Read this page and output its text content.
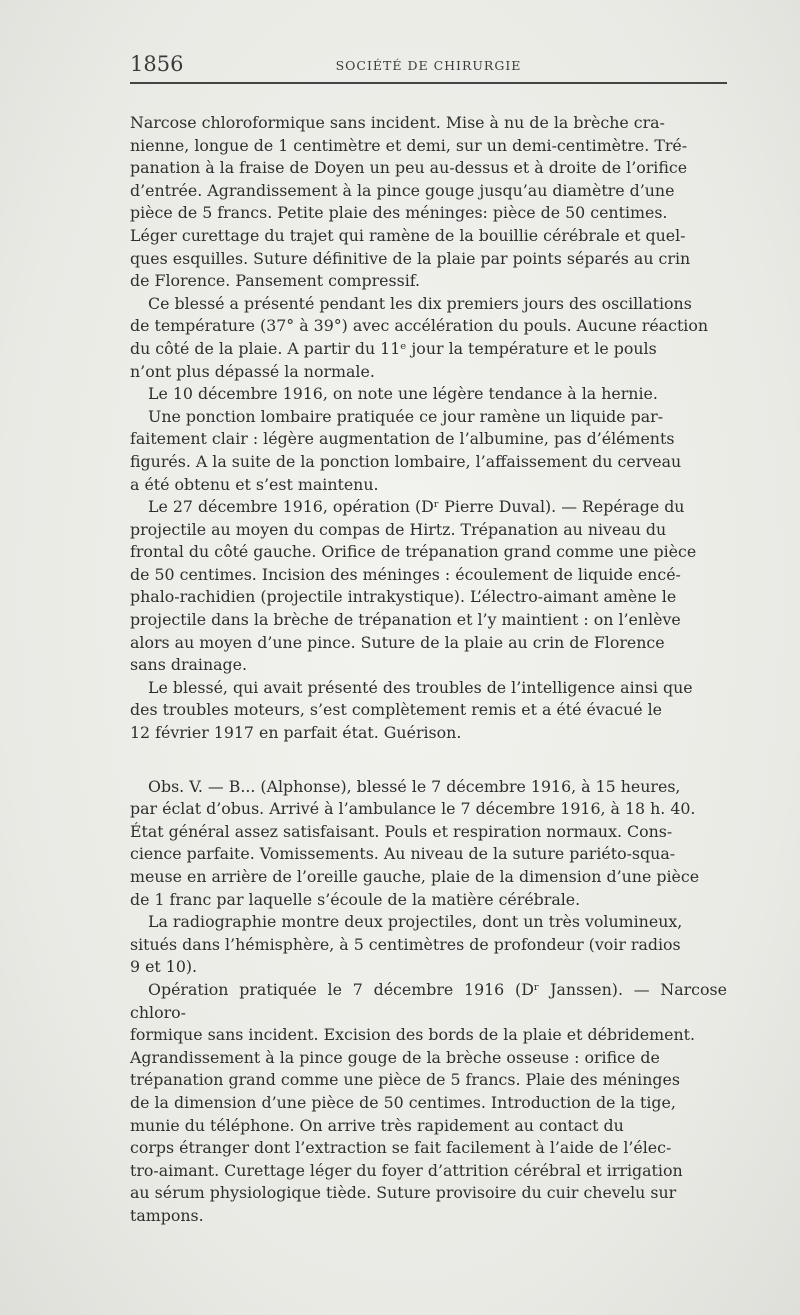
1856	SOCIÉTÉ DE CHIRURGIE

Narcose chloroformique sans incident. Mise à nu de la brèche cra-
nienne, longue de 1 centimètre et demi, sur un demi-centimètre. Tré-
panation à la fraise de Doyen un peu au-dessus et à droite de l’orifice
d’entrée. Agrandissement à la pince gouge jusqu’au diamètre d’une
pièce de 5 francs. Petite plaie des méninges: pièce de 50 centimes.
Léger curettage du trajet qui ramène de la bouillie cérébrale et quel-
ques esquilles. Suture définitive de la plaie par points séparés au crin
de Florence. Pansement compressif.

Ce blessé a présenté pendant les dix premiers jours des oscillations
de température (37° à 39°) avec accélération du pouls. Aucune réaction
du côté de la plaie. A partir du 11ᵉ jour la température et le pouls
n’ont plus dépassé la normale.

Le 10 décembre 1916, on note une légère tendance à la hernie.

Une ponction lombaire pratiquée ce jour ramène un liquide par-
faitement clair : légère augmentation de l’albumine, pas d’éléments
figurés. A la suite de la ponction lombaire, l’affaissement du cerveau
a été obtenu et s’est maintenu.

Le 27 décembre 1916, opération (Dʳ Pierre Duval). — Repérage du
projectile au moyen du compas de Hirtz. Trépanation au niveau du
frontal du côté gauche. Orifice de trépanation grand comme une pièce
de 50 centimes. Incision des méninges : écoulement de liquide encé-
phalo-rachidien (projectile intrakystique). L’électro-aimant amène le
projectile dans la brèche de trépanation et l’y maintient : on l’enlève
alors au moyen d’une pince. Suture de la plaie au crin de Florence
sans drainage.

Le blessé, qui avait présenté des troubles de l’intelligence ainsi que
des troubles moteurs, s’est complètement remis et a été évacué le
12 février 1917 en parfait état. Guérison.

Obs. V. — B... (Alphonse), blessé le 7 décembre 1916, à 15 heures,
par éclat d’obus. Arrivé à l’ambulance le 7 décembre 1916, à 18 h. 40.
État général assez satisfaisant. Pouls et respiration normaux. Cons-
cience parfaite. Vomissements. Au niveau de la suture pariéto-squa-
meuse en arrière de l’oreille gauche, plaie de la dimension d’une pièce
de 1 franc par laquelle s’écoule de la matière cérébrale.

La radiographie montre deux projectiles, dont un très volumineux,
situés dans l’hémisphère, à 5 centimètres de profondeur (voir radios
9 et 10).

Opération pratiquée le 7 décembre 1916 (Dʳ Janssen). — Narcose chloro-
formique sans incident. Excision des bords de la plaie et débridement.
Agrandissement à la pince gouge de la brèche osseuse : orifice de
trépanation grand comme une pièce de 5 francs. Plaie des méninges
de la dimension d’une pièce de 50 centimes. Introduction de la tige,
munie du téléphone. On arrive très rapidement au contact du
corps étranger dont l’extraction se fait facilement à l’aide de l’élec-
tro-aimant. Curettage léger du foyer d’attrition cérébral et irrigation
au sérum physiologique tiède. Suture provisoire du cuir chevelu sur
tampons.
